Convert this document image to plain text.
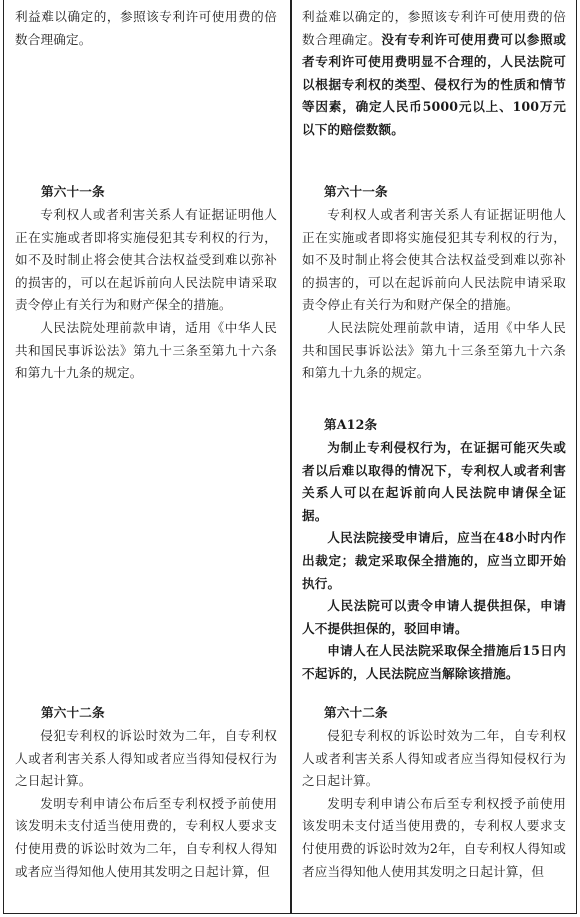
利益难以确定的，参照该专利许可使用费的倍数合理确定。

第六十一条

专利权人或者利害关系人有证据证明他人正在实施或者即将实施侵犯其专利权的行为，如不及时制止将会使其合法权益受到难以弥补的损害的，可以在起诉前向人民法院申请采取责令停止有关行为和财产保全的措施。

人民法院处理前款申请，适用《中华人民共和国民事诉讼法》第九十三条至第九十六条和第九十九条的规定。

第六十二条

侵犯专利权的诉讼时效为二年，自专利权人或者利害关系人得知或者应当得知侵权行为之日起计算。

发明专利申请公布后至专利权授予前使用该发明未支付适当使用费的，专利权人要求支付使用费的诉讼时效为二年，自专利权人得知或者应当得知他人使用其发明之日起计算，但

利益难以确定的，参照该专利许可使用费的倍数合理确定。没有专利许可使用费可以参照或者专利许可使用费明显不合理的，人民法院可以根据专利权的类型、侵权行为的性质和情节等因素，确定人民币5000元以上、100万元以下的赔偿数额。

第六十一条

专利权人或者利害关系人有证据证明他人正在实施或者即将实施侵犯其专利权的行为，如不及时制止将会使其合法权益受到难以弥补的损害的，可以在起诉前向人民法院申请采取责令停止有关行为和财产保全的措施。

人民法院处理前款申请，适用《中华人民共和国民事诉讼法》第九十三条至第九十六条和第九十九条的规定。

第A12条

为制止专利侵权行为，在证据可能灭失或者以后难以取得的情况下，专利权人或者利害关系人可以在起诉前向人民法院申请保全证据。

人民法院接受申请后，应当在48小时内作出裁定；裁定采取保全措施的，应当立即开始执行。

人民法院可以责令申请人提供担保，申请人不提供担保的，驳回申请。

申请人在人民法院采取保全措施后15日内不起诉的，人民法院应当解除该措施。

第六十二条

侵犯专利权的诉讼时效为二年，自专利权人或者利害关系人得知或者应当得知侵权行为之日起计算。

发明专利申请公布后至专利权授予前使用该发明未支付适当使用费的，专利权人要求支付使用费的诉讼时效为2年，自专利权人得知或者应当得知他人使用其发明之日起计算，但
